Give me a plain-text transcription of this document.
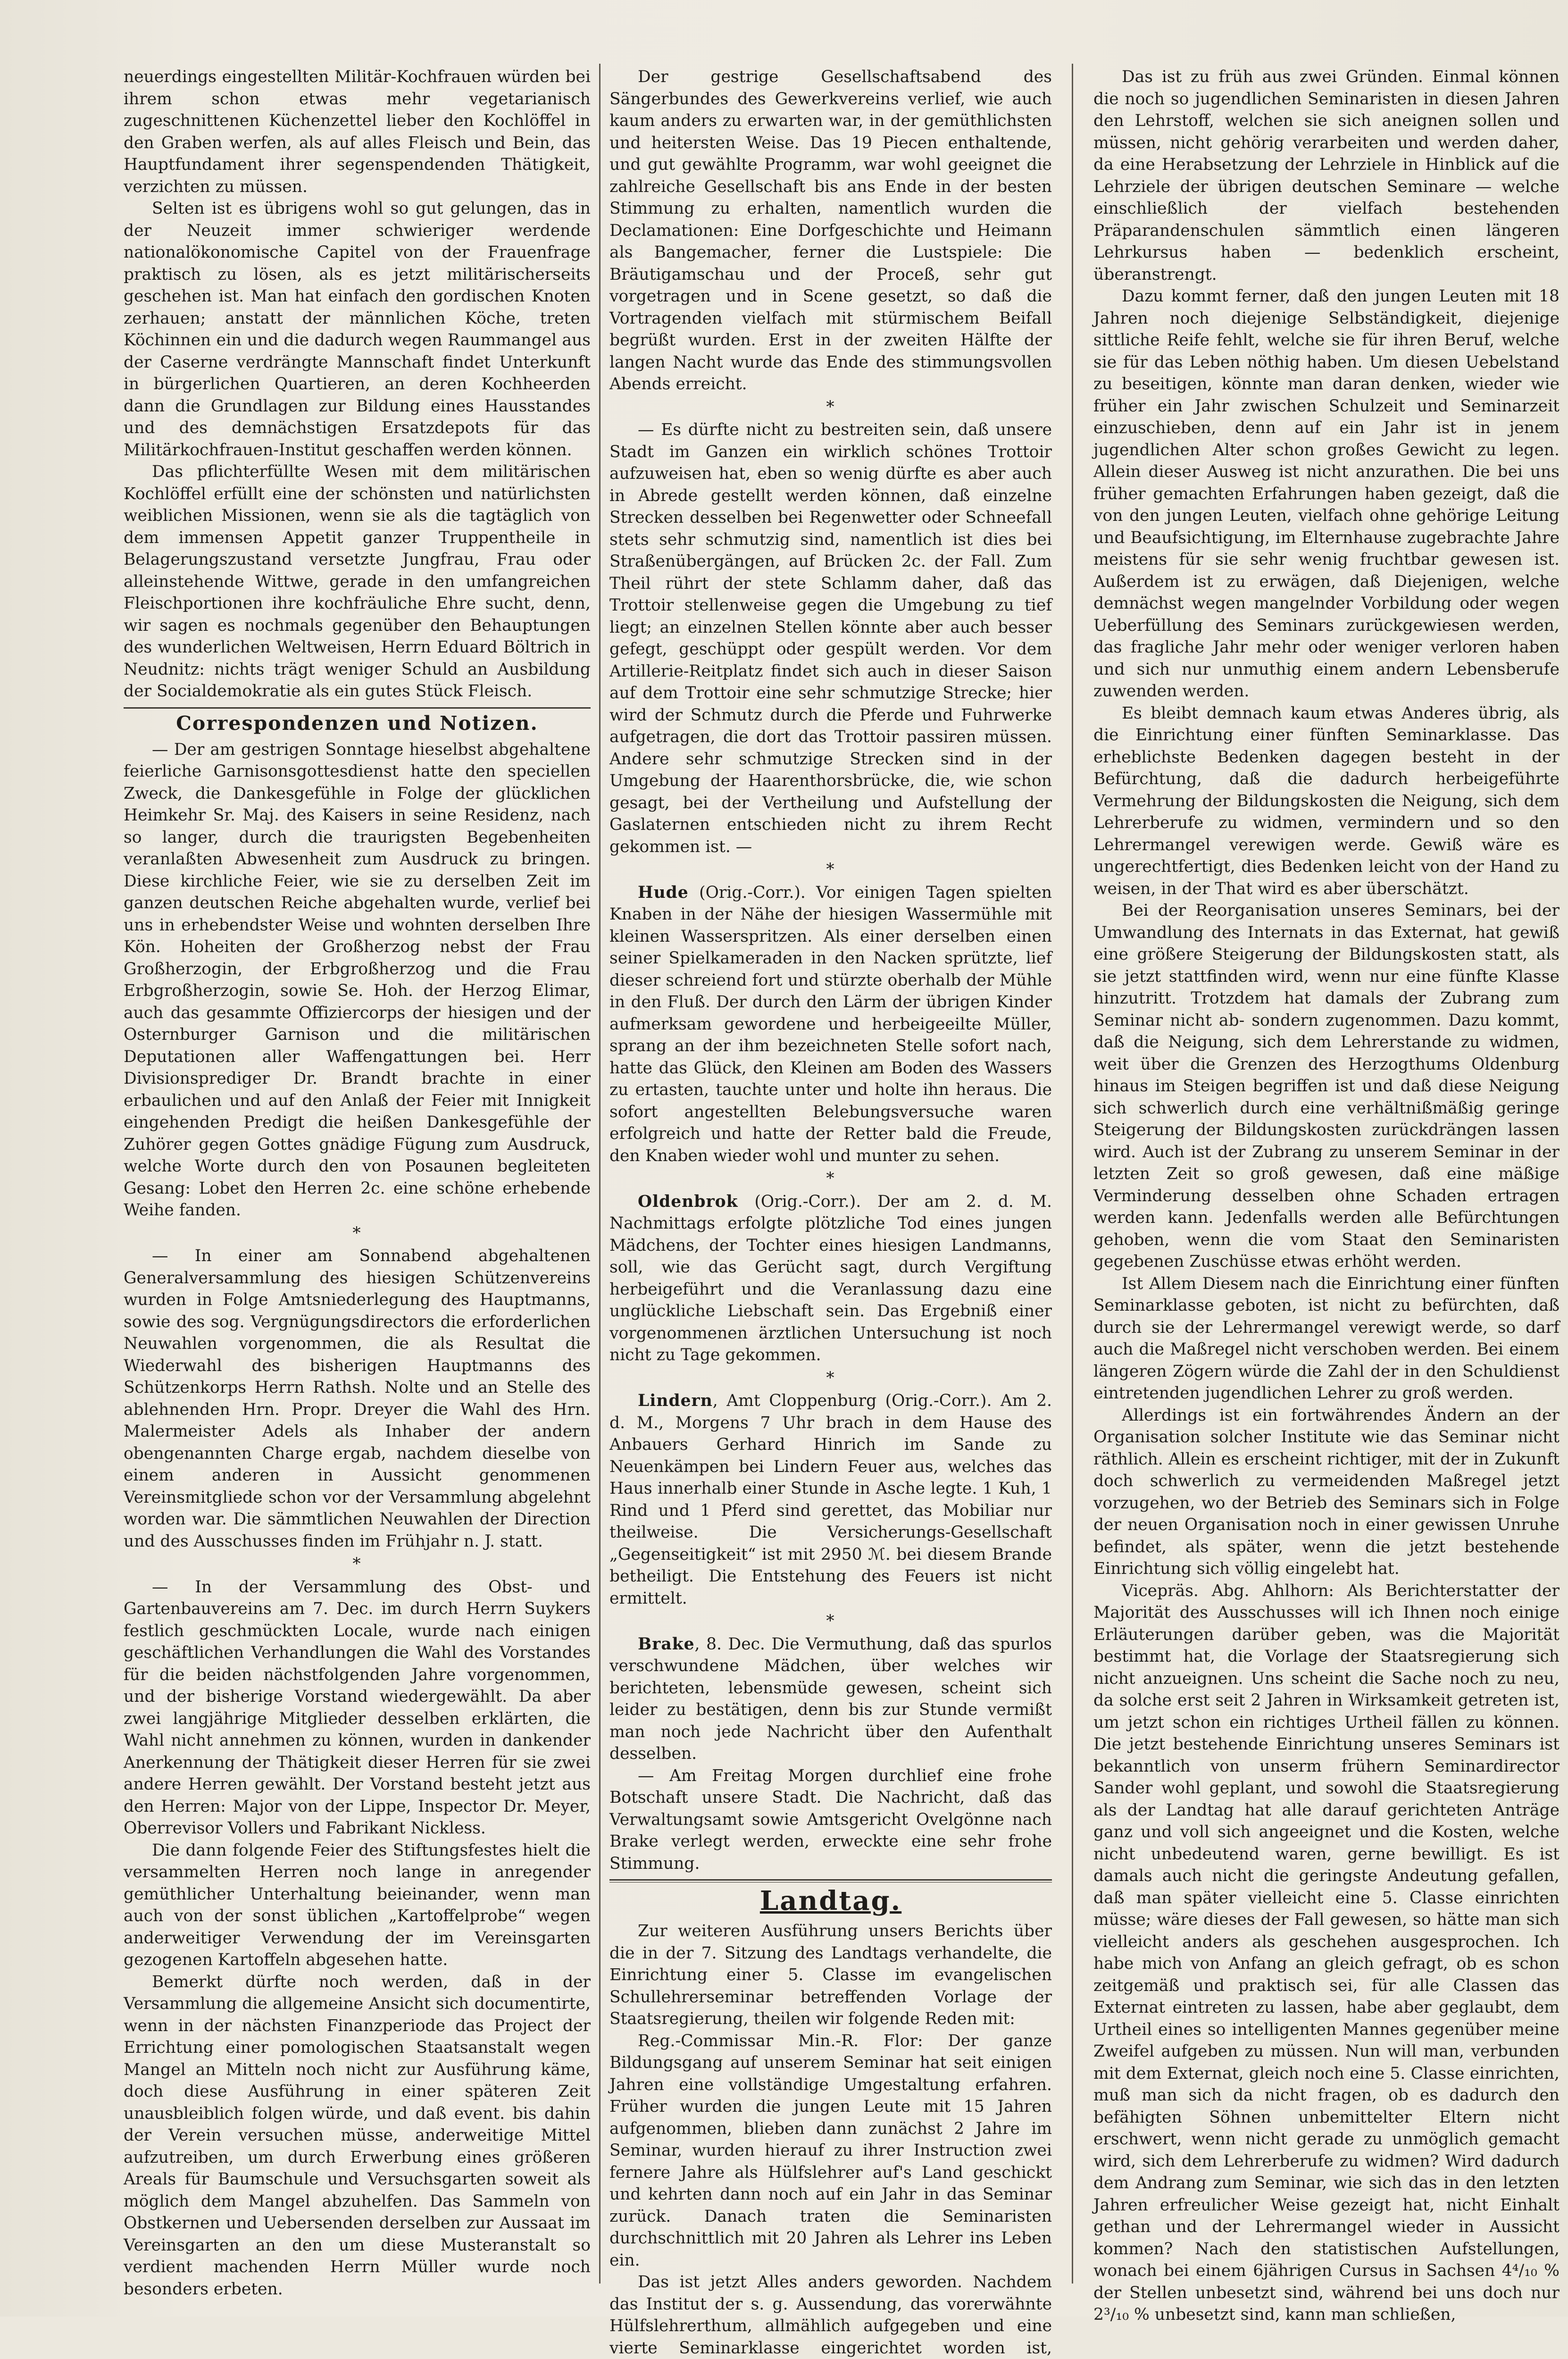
neuerdings eingestellten Militär-Kochfrauen würden bei ihrem schon etwas mehr vegetarianisch zugeschnittenen Küchenzettel lieber den Kochlöffel in den Graben werfen, als auf alles Fleisch und Bein, das Hauptfundament ihrer segenspendenden Thätigkeit, verzichten zu müssen.

Selten ist es übrigens wohl so gut gelungen, das in der Neuzeit immer schwieriger werdende nationalökonomische Capitel von der Frauenfrage praktisch zu lösen, als es jetzt militärischerseits geschehen ist. Man hat einfach den gordischen Knoten zerhauen; anstatt der männlichen Köche, treten Köchinnen ein und die dadurch wegen Raummangel aus der Caserne verdrängte Mannschaft findet Unterkunft in bürgerlichen Quartieren, an deren Kochheerden dann die Grundlagen zur Bildung eines Hausstandes und des demnächstigen Ersatzdepots für das Militärkochfrauen-Institut geschaffen werden können.

Das pflichterfüllte Wesen mit dem militärischen Kochlöffel erfüllt eine der schönsten und natürlichsten weiblichen Missionen, wenn sie als die tagtäglich von dem immensen Appetit ganzer Truppentheile in Belagerungszustand versetzte Jungfrau, Frau oder alleinstehende Wittwe, gerade in den umfangreichen Fleischportionen ihre kochfräuliche Ehre sucht, denn, wir sagen es nochmals gegenüber den Behauptungen des wunderlichen Weltweisen, Herrn Eduard Böltrich in Neudnitz: nichts trägt weniger Schuld an Ausbildung der Socialdemokratie als ein gutes Stück Fleisch.

Correspondenzen und Notizen.

— Der am gestrigen Sonntage hieselbst abgehaltene feierliche Garnisonsgottesdienst hatte den speciellen Zweck, die Dankesgefühle in Folge der glücklichen Heimkehr Sr. Maj. des Kaisers in seine Residenz, nach so langer, durch die traurigsten Begebenheiten veranlaßten Abwesenheit zum Ausdruck zu bringen. Diese kirchliche Feier, wie sie zu derselben Zeit im ganzen deutschen Reiche abgehalten wurde, verlief bei uns in erhebendster Weise und wohnten derselben Ihre Kön. Hoheiten der Großherzog nebst der Frau Großherzogin, der Erbgroßherzog und die Frau Erbgroßherzogin, sowie Se. Hoh. der Herzog Elimar, auch das gesammte Offiziercorps der hiesigen und der Osternburger Garnison und die militärischen Deputationen aller Waffengattungen bei. Herr Divisionsprediger Dr. Brandt brachte in einer erbaulichen und auf den Anlaß der Feier mit Innigkeit eingehenden Predigt die heißen Dankesgefühle der Zuhörer gegen Gottes gnädige Fügung zum Ausdruck, welche Worte durch den von Posaunen begleiteten Gesang: Lobet den Herren 2c. eine schöne erhebende Weihe fanden.

*

— In einer am Sonnabend abgehaltenen Generalversammlung des hiesigen Schützenvereins wurden in Folge Amtsniederlegung des Hauptmanns, sowie des sog. Vergnügungsdirectors die erforderlichen Neuwahlen vorgenommen, die als Resultat die Wiederwahl des bisherigen Hauptmanns des Schützenkorps Herrn Rathsh. Nolte und an Stelle des ablehnenden Hrn. Propr. Dreyer die Wahl des Hrn. Malermeister Adels als Inhaber der andern obengenannten Charge ergab, nachdem dieselbe von einem anderen in Aussicht genommenen Vereinsmitgliede schon vor der Versammlung abgelehnt worden war. Die sämmtlichen Neuwahlen der Direction und des Ausschusses finden im Frühjahr n. J. statt.

*

— In der Versammlung des Obst- und Gartenbauvereins am 7. Dec. im durch Herrn Suykers festlich geschmückten Locale, wurde nach einigen geschäftlichen Verhandlungen die Wahl des Vorstandes für die beiden nächstfolgenden Jahre vorgenommen, und der bisherige Vorstand wiedergewählt. Da aber zwei langjährige Mitglieder desselben erklärten, die Wahl nicht annehmen zu können, wurden in dankender Anerkennung der Thätigkeit dieser Herren für sie zwei andere Herren gewählt. Der Vorstand besteht jetzt aus den Herren: Major von der Lippe, Inspector Dr. Meyer, Oberrevisor Vollers und Fabrikant Nickless.

Die dann folgende Feier des Stiftungsfestes hielt die versammelten Herren noch lange in anregender gemüthlicher Unterhaltung beieinander, wenn man auch von der sonst üblichen „Kartoffelprobe“ wegen anderweitiger Verwendung der im Vereinsgarten gezogenen Kartoffeln abgesehen hatte.

Bemerkt dürfte noch werden, daß in der Versammlung die allgemeine Ansicht sich documentirte, wenn in der nächsten Finanzperiode das Project der Errichtung einer pomologischen Staatsanstalt wegen Mangel an Mitteln noch nicht zur Ausführung käme, doch diese Ausführung in einer späteren Zeit unausbleiblich folgen würde, und daß event. bis dahin der Verein versuchen müsse, anderweitige Mittel aufzutreiben, um durch Erwerbung eines größeren Areals für Baumschule und Versuchsgarten soweit als möglich dem Mangel abzuhelfen. Das Sammeln von Obstkernen und Uebersenden derselben zur Aussaat im Vereinsgarten an den um diese Musteranstalt so verdient machenden Herrn Müller wurde noch besonders erbeten.

Der gestrige Gesellschaftsabend des Sängerbundes des Gewerkvereins verlief, wie auch kaum anders zu erwarten war, in der gemüthlichsten und heitersten Weise. Das 19 Piecen enthaltende, und gut gewählte Programm, war wohl geeignet die zahlreiche Gesellschaft bis ans Ende in der besten Stimmung zu erhalten, namentlich wurden die Declamationen: Eine Dorfgeschichte und Heimann als Bangemacher, ferner die Lustspiele: Die Bräutigamschau und der Proceß, sehr gut vorgetragen und in Scene gesetzt, so daß die Vortragenden vielfach mit stürmischem Beifall begrüßt wurden. Erst in der zweiten Hälfte der langen Nacht wurde das Ende des stimmungsvollen Abends erreicht.

*

— Es dürfte nicht zu bestreiten sein, daß unsere Stadt im Ganzen ein wirklich schönes Trottoir aufzuweisen hat, eben so wenig dürfte es aber auch in Abrede gestellt werden können, daß einzelne Strecken desselben bei Regenwetter oder Schneefall stets sehr schmutzig sind, namentlich ist dies bei Straßenübergängen, auf Brücken 2c. der Fall. Zum Theil rührt der stete Schlamm daher, daß das Trottoir stellenweise gegen die Umgebung zu tief liegt; an einzelnen Stellen könnte aber auch besser gefegt, geschüppt oder gespült werden. Vor dem Artillerie-Reitplatz findet sich auch in dieser Saison auf dem Trottoir eine sehr schmutzige Strecke; hier wird der Schmutz durch die Pferde und Fuhrwerke aufgetragen, die dort das Trottoir passiren müssen. Andere sehr schmutzige Strecken sind in der Umgebung der Haarenthorsbrücke, die, wie schon gesagt, bei der Vertheilung und Aufstellung der Gaslaternen entschieden nicht zu ihrem Recht gekommen ist. —

*

Hude (Orig.-Corr.). Vor einigen Tagen spielten Knaben in der Nähe der hiesigen Wassermühle mit kleinen Wasserspritzen. Als einer derselben einen seiner Spielkameraden in den Nacken sprützte, lief dieser schreiend fort und stürzte oberhalb der Mühle in den Fluß. Der durch den Lärm der übrigen Kinder aufmerksam gewordene und herbeigeeilte Müller, sprang an der ihm bezeichneten Stelle sofort nach, hatte das Glück, den Kleinen am Boden des Wassers zu ertasten, tauchte unter und holte ihn heraus. Die sofort angestellten Belebungsversuche waren erfolgreich und hatte der Retter bald die Freude, den Knaben wieder wohl und munter zu sehen.

*

Oldenbrok (Orig.-Corr.). Der am 2. d. M. Nachmittags erfolgte plötzliche Tod eines jungen Mädchens, der Tochter eines hiesigen Landmanns, soll, wie das Gerücht sagt, durch Vergiftung herbeigeführt und die Veranlassung dazu eine unglückliche Liebschaft sein. Das Ergebniß einer vorgenommenen ärztlichen Untersuchung ist noch nicht zu Tage gekommen.

*

Lindern, Amt Cloppenburg (Orig.-Corr.). Am 2. d. M., Morgens 7 Uhr brach in dem Hause des Anbauers Gerhard Hinrich im Sande zu Neuenkämpen bei Lindern Feuer aus, welches das Haus innerhalb einer Stunde in Asche legte. 1 Kuh, 1 Rind und 1 Pferd sind gerettet, das Mobiliar nur theilweise. Die Versicherungs-Gesellschaft „Gegenseitigkeit“ ist mit 2950 ℳ. bei diesem Brande betheiligt. Die Entstehung des Feuers ist nicht ermittelt.

*

Brake, 8. Dec. Die Vermuthung, daß das spurlos verschwundene Mädchen, über welches wir berichteten, lebensmüde gewesen, scheint sich leider zu bestätigen, denn bis zur Stunde vermißt man noch jede Nachricht über den Aufenthalt desselben.

— Am Freitag Morgen durchlief eine frohe Botschaft unsere Stadt. Die Nachricht, daß das Verwaltungsamt sowie Amtsgericht Ovelgönne nach Brake verlegt werden, erweckte eine sehr frohe Stimmung.

Landtag.

Zur weiteren Ausführung unsers Berichts über die in der 7. Sitzung des Landtags verhandelte, die Einrichtung einer 5. Classe im evangelischen Schullehrerseminar betreffenden Vorlage der Staatsregierung, theilen wir folgende Reden mit:

Reg.-Commissar Min.-R. Flor: Der ganze Bildungsgang auf unserem Seminar hat seit einigen Jahren eine vollständige Umgestaltung erfahren. Früher wurden die jungen Leute mit 15 Jahren aufgenommen, blieben dann zunächst 2 Jahre im Seminar, wurden hierauf zu ihrer Instruction zwei fernere Jahre als Hülfslehrer auf's Land geschickt und kehrten dann noch auf ein Jahr in das Seminar zurück. Danach traten die Seminaristen durchschnittlich mit 20 Jahren als Lehrer ins Leben ein.

Das ist jetzt Alles anders geworden. Nachdem das Institut der s. g. Aussendung, das vorerwähnte Hülfslehrerthum, allmählich aufgegeben und eine vierte Seminarklasse eingerichtet worden ist,

Das ist zu früh aus zwei Gründen. Einmal können die noch so jugendlichen Seminaristen in diesen Jahren den Lehrstoff, welchen sie sich aneignen sollen und müssen, nicht gehörig verarbeiten und werden daher, da eine Herabsetzung der Lehrziele in Hinblick auf die Lehrziele der übrigen deutschen Seminare — welche einschließlich der vielfach bestehenden Präparandenschulen sämmtlich einen längeren Lehrkursus haben — bedenklich erscheint, überanstrengt.

Dazu kommt ferner, daß den jungen Leuten mit 18 Jahren noch diejenige Selbständigkeit, diejenige sittliche Reife fehlt, welche sie für ihren Beruf, welche sie für das Leben nöthig haben. Um diesen Uebelstand zu beseitigen, könnte man daran denken, wieder wie früher ein Jahr zwischen Schulzeit und Seminarzeit einzuschieben, denn auf ein Jahr ist in jenem jugendlichen Alter schon großes Gewicht zu legen. Allein dieser Ausweg ist nicht anzurathen. Die bei uns früher gemachten Erfahrungen haben gezeigt, daß die von den jungen Leuten, vielfach ohne gehörige Leitung und Beaufsichtigung, im Elternhause zugebrachte Jahre meistens für sie sehr wenig fruchtbar gewesen ist. Außerdem ist zu erwägen, daß Diejenigen, welche demnächst wegen mangelnder Vorbildung oder wegen Ueberfüllung des Seminars zurückgewiesen werden, das fragliche Jahr mehr oder weniger verloren haben und sich nur unmuthig einem andern Lebensberufe zuwenden werden.

Es bleibt demnach kaum etwas Anderes übrig, als die Einrichtung einer fünften Seminarklasse. Das erheblichste Bedenken dagegen besteht in der Befürchtung, daß die dadurch herbeigeführte Vermehrung der Bildungskosten die Neigung, sich dem Lehrerberufe zu widmen, vermindern und so den Lehrermangel verewigen werde. Gewiß wäre es ungerechtfertigt, dies Bedenken leicht von der Hand zu weisen, in der That wird es aber überschätzt.

Bei der Reorganisation unseres Seminars, bei der Umwandlung des Internats in das Externat, hat gewiß eine größere Steigerung der Bildungskosten statt, als sie jetzt stattfinden wird, wenn nur eine fünfte Klasse hinzutritt. Trotzdem hat damals der Zubrang zum Seminar nicht ab- sondern zugenommen. Dazu kommt, daß die Neigung, sich dem Lehrerstande zu widmen, weit über die Grenzen des Herzogthums Oldenburg hinaus im Steigen begriffen ist und daß diese Neigung sich schwerlich durch eine verhältnißmäßig geringe Steigerung der Bildungskosten zurückdrängen lassen wird. Auch ist der Zubrang zu unserem Seminar in der letzten Zeit so groß gewesen, daß eine mäßige Verminderung desselben ohne Schaden ertragen werden kann. Jedenfalls werden alle Befürchtungen gehoben, wenn die vom Staat den Seminaristen gegebenen Zuschüsse etwas erhöht werden.

Ist Allem Diesem nach die Einrichtung einer fünften Seminarklasse geboten, ist nicht zu befürchten, daß durch sie der Lehrermangel verewigt werde, so darf auch die Maßregel nicht verschoben werden. Bei einem längeren Zögern würde die Zahl der in den Schuldienst eintretenden jugendlichen Lehrer zu groß werden.

Allerdings ist ein fortwährendes Ändern an der Organisation solcher Institute wie das Seminar nicht räthlich. Allein es erscheint richtiger, mit der in Zukunft doch schwerlich zu vermeidenden Maßregel jetzt vorzugehen, wo der Betrieb des Seminars sich in Folge der neuen Organisation noch in einer gewissen Unruhe befindet, als später, wenn die jetzt bestehende Einrichtung sich völlig eingelebt hat.

Vicepräs. Abg. Ahlhorn: Als Berichterstatter der Majorität des Ausschusses will ich Ihnen noch einige Erläuterungen darüber geben, was die Majorität bestimmt hat, die Vorlage der Staatsregierung sich nicht anzueignen. Uns scheint die Sache noch zu neu, da solche erst seit 2 Jahren in Wirksamkeit getreten ist, um jetzt schon ein richtiges Urtheil fällen zu können. Die jetzt bestehende Einrichtung unseres Seminars ist bekanntlich von unserm frühern Seminardirector Sander wohl geplant, und sowohl die Staatsregierung als der Landtag hat alle darauf gerichteten Anträge ganz und voll sich angeeignet und die Kosten, welche nicht unbedeutend waren, gerne bewilligt. Es ist damals auch nicht die geringste Andeutung gefallen, daß man später vielleicht eine 5. Classe einrichten müsse; wäre dieses der Fall gewesen, so hätte man sich vielleicht anders als geschehen ausgesprochen. Ich habe mich von Anfang an gleich gefragt, ob es schon zeitgemäß und praktisch sei, für alle Classen das Externat eintreten zu lassen, habe aber geglaubt, dem Urtheil eines so intelligenten Mannes gegenüber meine Zweifel aufgeben zu müssen. Nun will man, verbunden mit dem Externat, gleich noch eine 5. Classe einrichten, muß man sich da nicht fragen, ob es dadurch den befähigten Söhnen unbemittelter Eltern nicht erschwert, wenn nicht gerade zu unmöglich gemacht wird, sich dem Lehrerberufe zu widmen? Wird dadurch dem Andrang zum Seminar, wie sich das in den letzten Jahren erfreulicher Weise gezeigt hat, nicht Einhalt gethan und der Lehrermangel wieder in Aussicht kommen? Nach den statistischen Aufstellungen, wonach bei einem 6jährigen Cursus in Sachsen 4⁴/₁₀ % der Stellen unbesetzt sind, während bei uns doch nur 2³/₁₀ % unbesetzt sind, kann man schließen,
